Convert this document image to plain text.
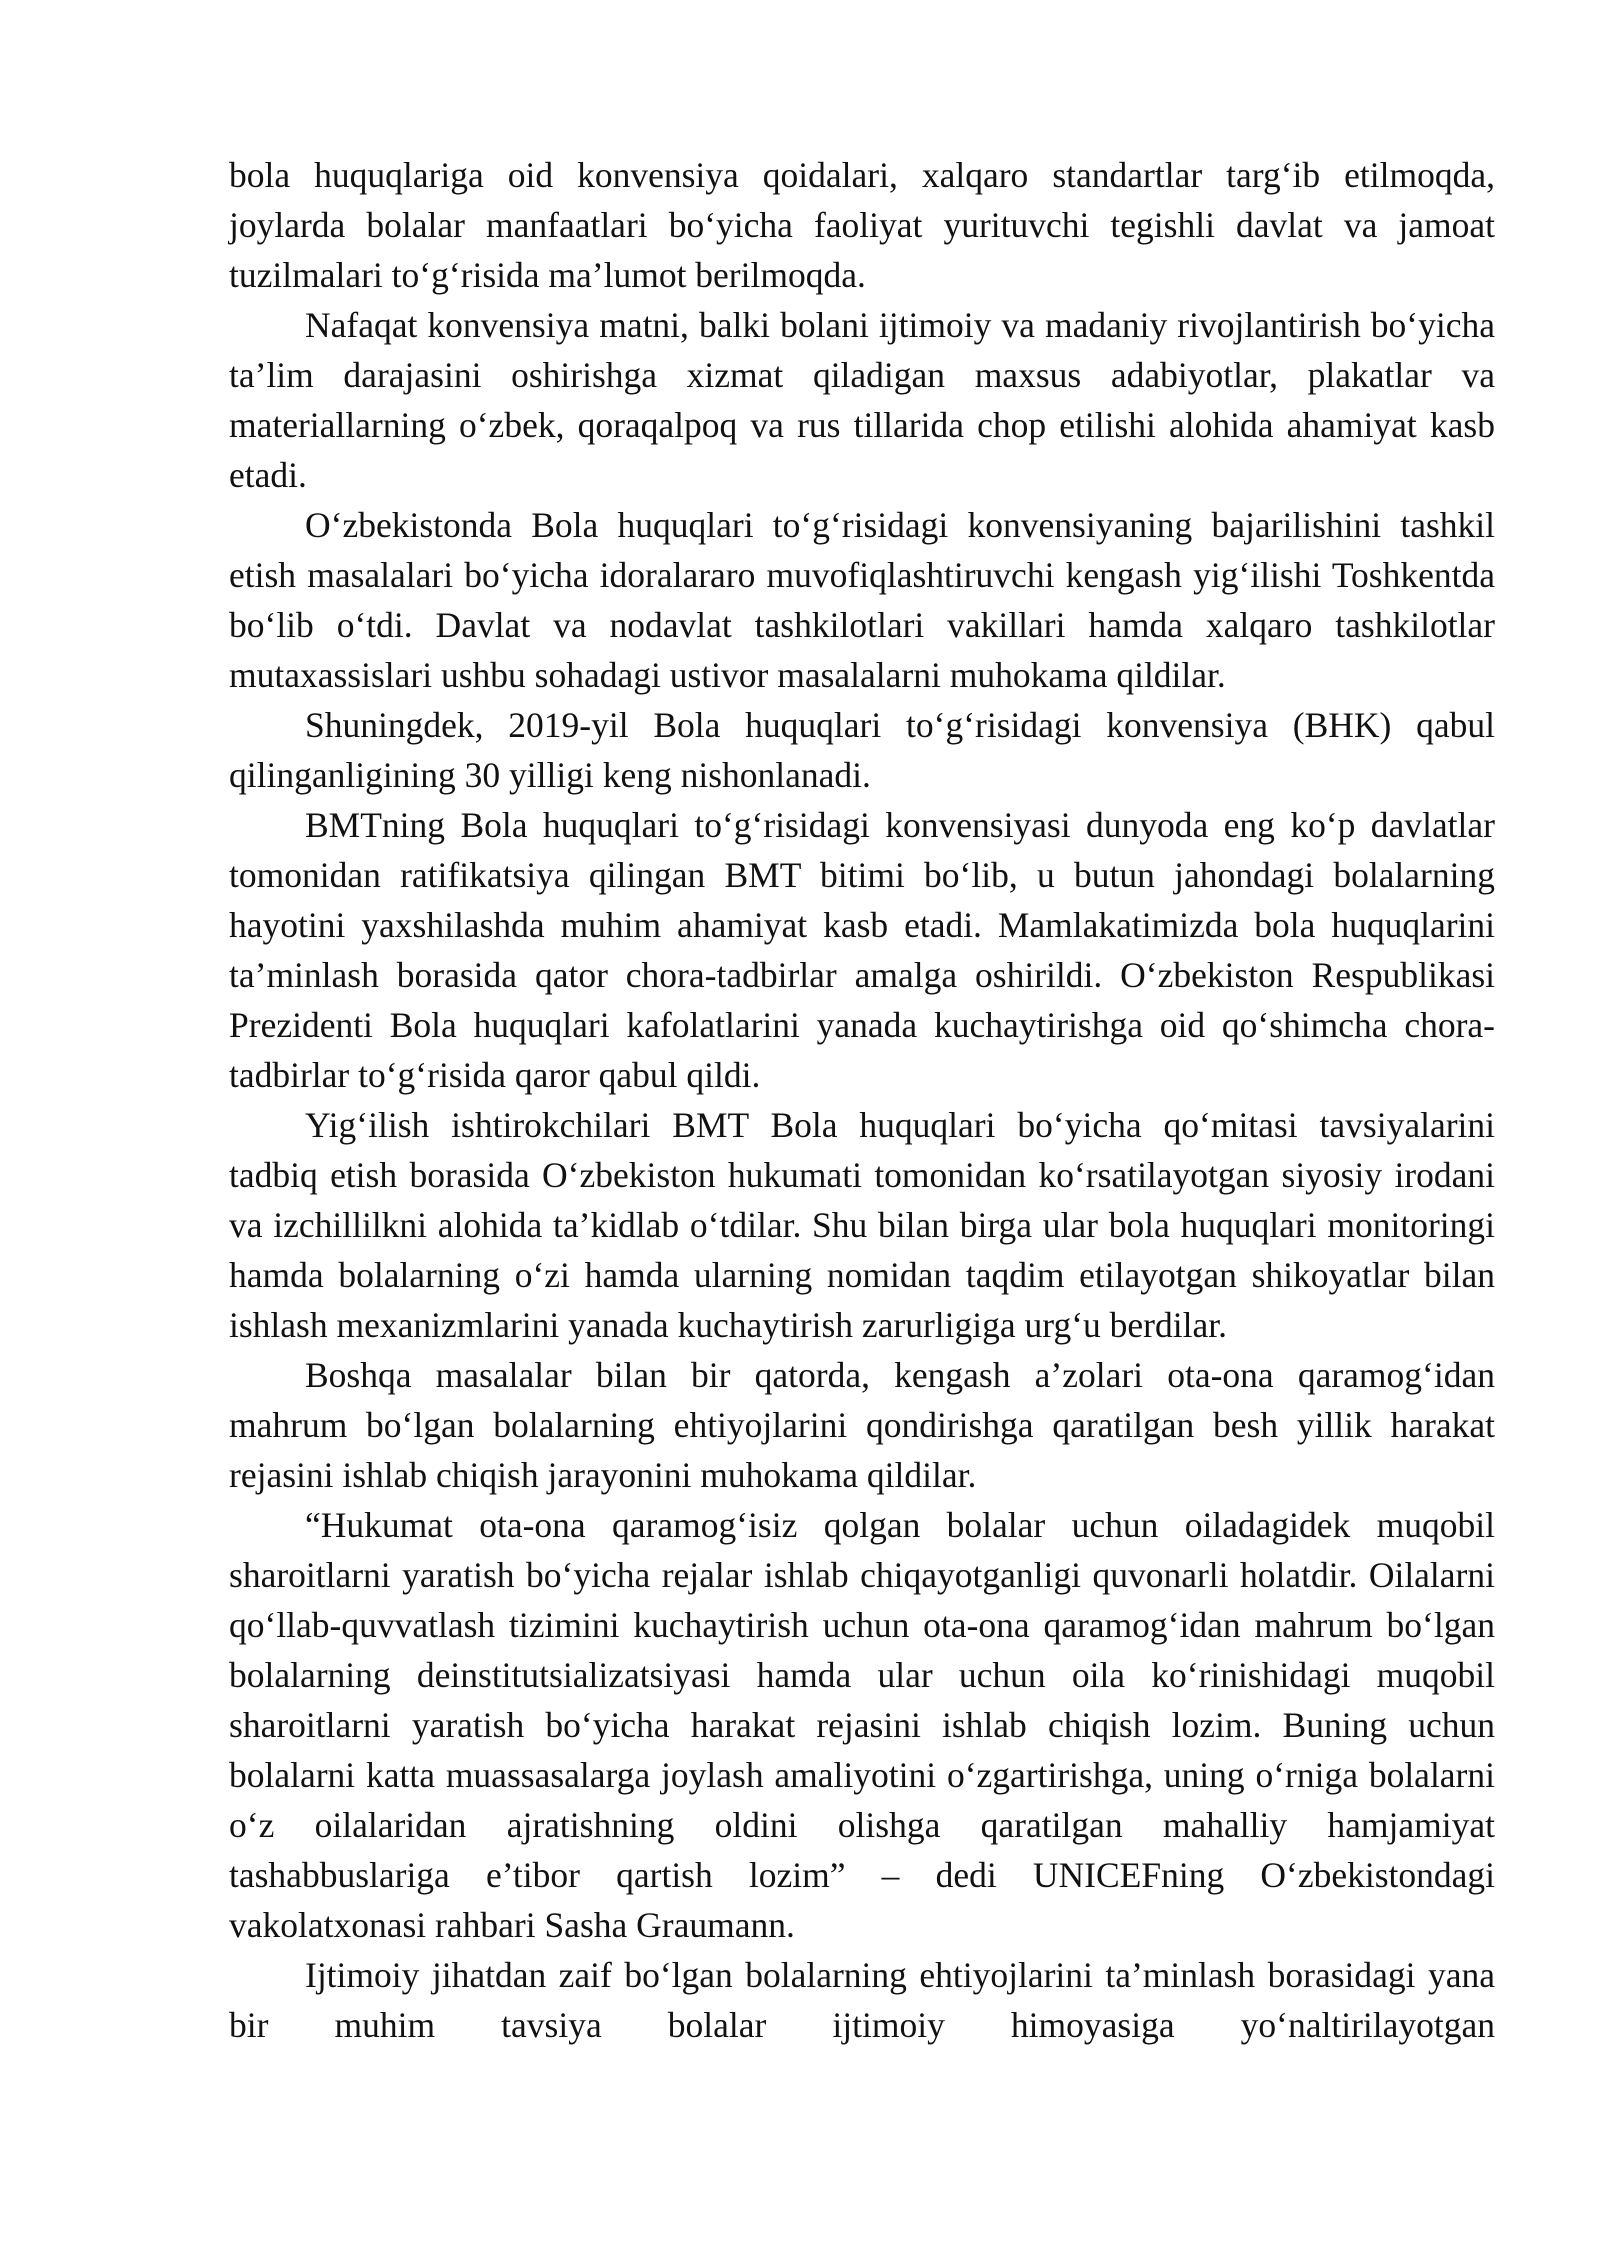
bola huquqlariga oid konvensiya qoidalari, xalqaro standartlar targ‘ib etilmoqda, joylarda bolalar manfaatlari bo‘yicha faoliyat yurituvchi tegishli davlat va jamoat tuzilmalari to‘g‘risida ma’lumot berilmoqda.

Nafaqat konvensiya matni, balki bolani ijtimoiy va madaniy rivojlantirish bo‘yicha ta’lim darajasini oshirishga xizmat qiladigan maxsus adabiyotlar, plakatlar va materiallarning o‘zbek, qoraqalpoq va rus tillarida chop etilishi alohida ahamiyat kasb etadi.

O‘zbekistonda Bola huquqlari to‘g‘risidagi konvensiyaning bajarilishini tashkil etish masalalari bo‘yicha idoralararo muvofiqlashtiruvchi kengash yig‘ilishi Toshkentda bo‘lib o‘tdi. Davlat va nodavlat tashkilotlari vakillari hamda xalqaro tashkilotlar mutaxassislari ushbu sohadagi ustivor masalalarni muhokama qildilar.

Shuningdek, 2019-yil Bola huquqlari to‘g‘risidagi konvensiya (BHK) qabul qilinganligining 30 yilligi keng nishonlanadi.

BMTning Bola huquqlari to‘g‘risidagi konvensiyasi dunyoda eng ko‘p davlatlar tomonidan ratifikatsiya qilingan BMT bitimi bo‘lib, u butun jahondagi bolalarning hayotini yaxshilashda muhim ahamiyat kasb etadi. Mamlakatimizda bola huquqlarini ta’minlash borasida qator chora-tadbirlar amalga oshirildi. O‘zbekiston Respublikasi Prezidenti Bola huquqlari kafolatlarini yanada kuchaytirishga oid qo‘shimcha chora-tadbirlar to‘g‘risida qaror qabul qildi.

Yig‘ilish ishtirokchilari BMT Bola huquqlari bo‘yicha qo‘mitasi tavsiyalarini tadbiq etish borasida O‘zbekiston hukumati tomonidan ko‘rsatilayotgan siyosiy irodani va izchillilkni alohida ta’kidlab o‘tdilar. Shu bilan birga ular bola huquqlari monitoringi hamda bolalarning o‘zi hamda ularning nomidan taqdim etilayotgan shikoyatlar bilan ishlash mexanizmlarini yanada kuchaytirish zarurligiga urg‘u berdilar.

Boshqa masalalar bilan bir qatorda, kengash a’zolari ota-ona qaramog‘idan mahrum bo‘lgan bolalarning ehtiyojlarini qondirishga qaratilgan besh yillik harakat rejasini ishlab chiqish jarayonini muhokama qildilar.

“Hukumat ota-ona qaramog‘isiz qolgan bolalar uchun oiladagidek muqobil sharoitlarni yaratish bo‘yicha rejalar ishlab chiqayotganligi quvonarli holatdir. Oilalarni qo‘llab-quvvatlash tizimini kuchaytirish uchun ota-ona qaramog‘idan mahrum bo‘lgan bolalarning deinstitutsializatsiyasi hamda ular uchun oila ko‘rinishidagi muqobil sharoitlarni yaratish bo‘yicha harakat rejasini ishlab chiqish lozim. Buning uchun bolalarni katta muassasalarga joylash amaliyotini o‘zgartirishga, uning o‘rniga bolalarni o‘z oilalaridan ajratishning oldini olishga qaratilgan mahalliy hamjamiyat tashabbuslariga e’tibor qartish lozim” – dedi UNICEFning O‘zbekistondagi vakolatxonasi rahbari Sasha Graumann.

Ijtimoiy jihatdan zaif bo‘lgan bolalarning ehtiyojlarini ta’minlash borasidagi yana bir muhim tavsiya bolalar ijtimoiy himoyasiga yo‘naltirilayotgan
